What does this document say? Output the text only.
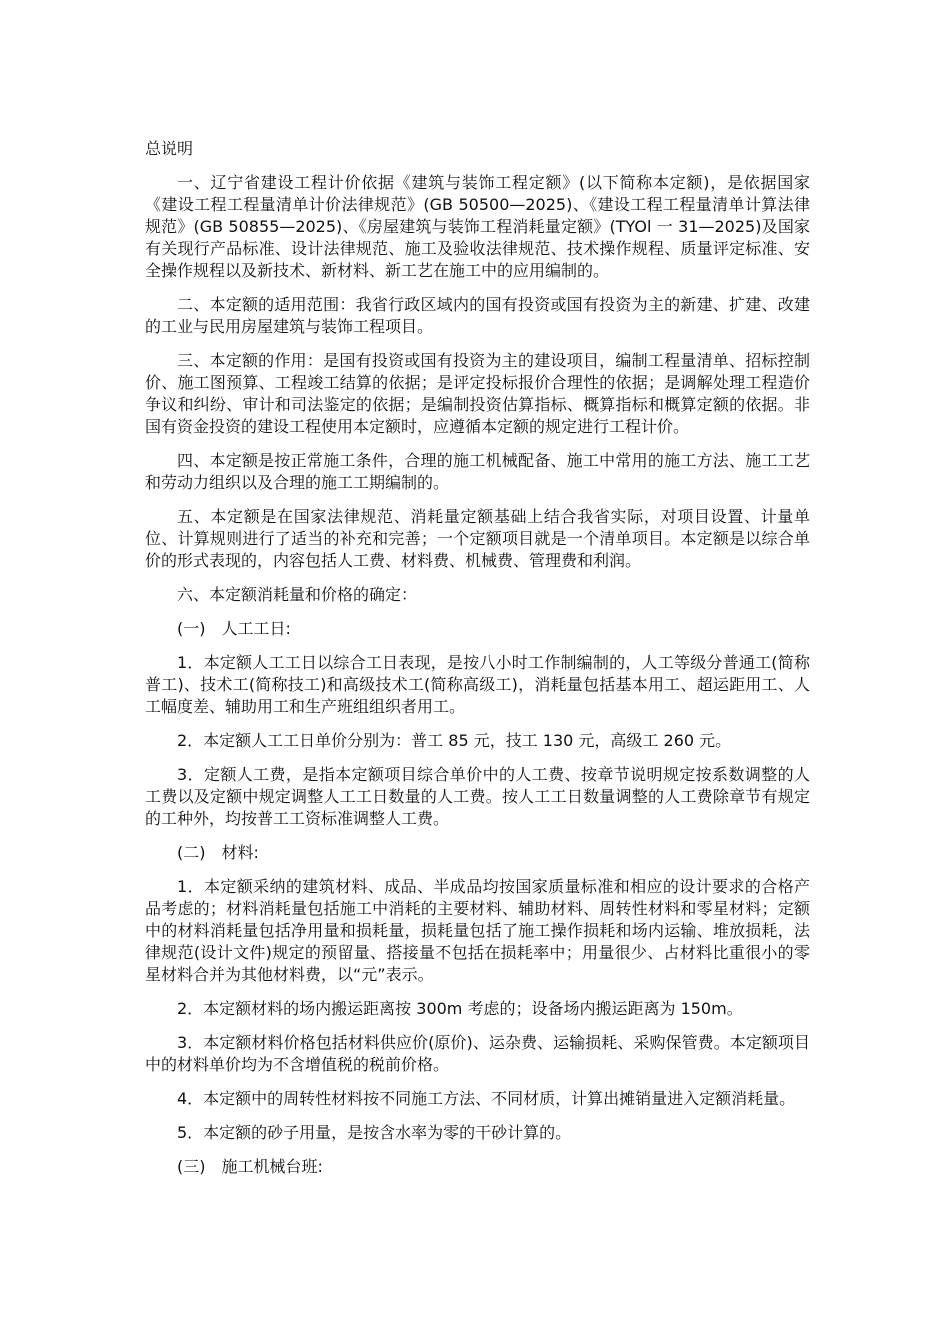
总说明

一、辽宁省建设工程计价依据《建筑与装饰工程定额》(以下简称本定额)，是依据国家《建设工程工程量清单计价法律规范》(GB 50500—2025)、《建设工程工程量清单计算法律规范》(GB 50855—2025)、《房屋建筑与装饰工程消耗量定额》(TYOl 一 31—2025)及国家有关现行产品标准、设计法律规范、施工及验收法律规范、技术操作规程、质量评定标准、安全操作规程以及新技术、新材料、新工艺在施工中的应用编制的。

二、本定额的适用范围：我省行政区域内的国有投资或国有投资为主的新建、扩建、改建的工业与民用房屋建筑与装饰工程项目。

三、本定额的作用：是国有投资或国有投资为主的建设项目，编制工程量清单、招标控制价、施工图预算、工程竣工结算的依据；是评定投标报价合理性的依据；是调解处理工程造价争议和纠纷、审计和司法鉴定的依据；是编制投资估算指标、概算指标和概算定额的依据。非国有资金投资的建设工程使用本定额时，应遵循本定额的规定进行工程计价。

四、本定额是按正常施工条件，合理的施工机械配备、施工中常用的施工方法、施工工艺和劳动力组织以及合理的施工工期编制的。

五、本定额是在国家法律规范、消耗量定额基础上结合我省实际，对项目设置、计量单位、计算规则进行了适当的补充和完善；一个定额项目就是一个清单项目。本定额是以综合单价的形式表现的，内容包括人工费、材料费、机械费、管理费和利润。

六、本定额消耗量和价格的确定：

(一)　人工工日:

1．本定额人工工日以综合工日表现，是按八小时工作制编制的，人工等级分普通工(简称普工)、技术工(简称技工)和高级技术工(简称高级工)，消耗量包括基本用工、超运距用工、人工幅度差、辅助用工和生产班组组织者用工。

2．本定额人工工日单价分别为：普工 85 元，技工 130 元，高级工 260 元。

3．定额人工费，是指本定额项目综合单价中的人工费、按章节说明规定按系数调整的人工费以及定额中规定调整人工工日数量的人工费。按人工工日数量调整的人工费除章节有规定的工种外，均按普工工资标准调整人工费。

(二)　材料:

1．本定额采纳的建筑材料、成品、半成品均按国家质量标准和相应的设计要求的合格产品考虑的；材料消耗量包括施工中消耗的主要材料、辅助材料、周转性材料和零星材料；定额中的材料消耗量包括净用量和损耗量，损耗量包括了施工操作损耗和场内运输、堆放损耗，法律规范(设计文件)规定的预留量、搭接量不包括在损耗率中；用量很少、占材料比重很小的零星材料合并为其他材料费，以“元”表示。

2．本定额材料的场内搬运距离按 300m 考虑的；设备场内搬运距离为 150m。

3．本定额材料价格包括材料供应价(原价)、运杂费、运输损耗、采购保管费。本定额项目中的材料单价均为不含增值税的税前价格。

4．本定额中的周转性材料按不同施工方法、不同材质，计算出摊销量进入定额消耗量。

5．本定额的砂子用量，是按含水率为零的干砂计算的。

(三)　施工机械台班:
